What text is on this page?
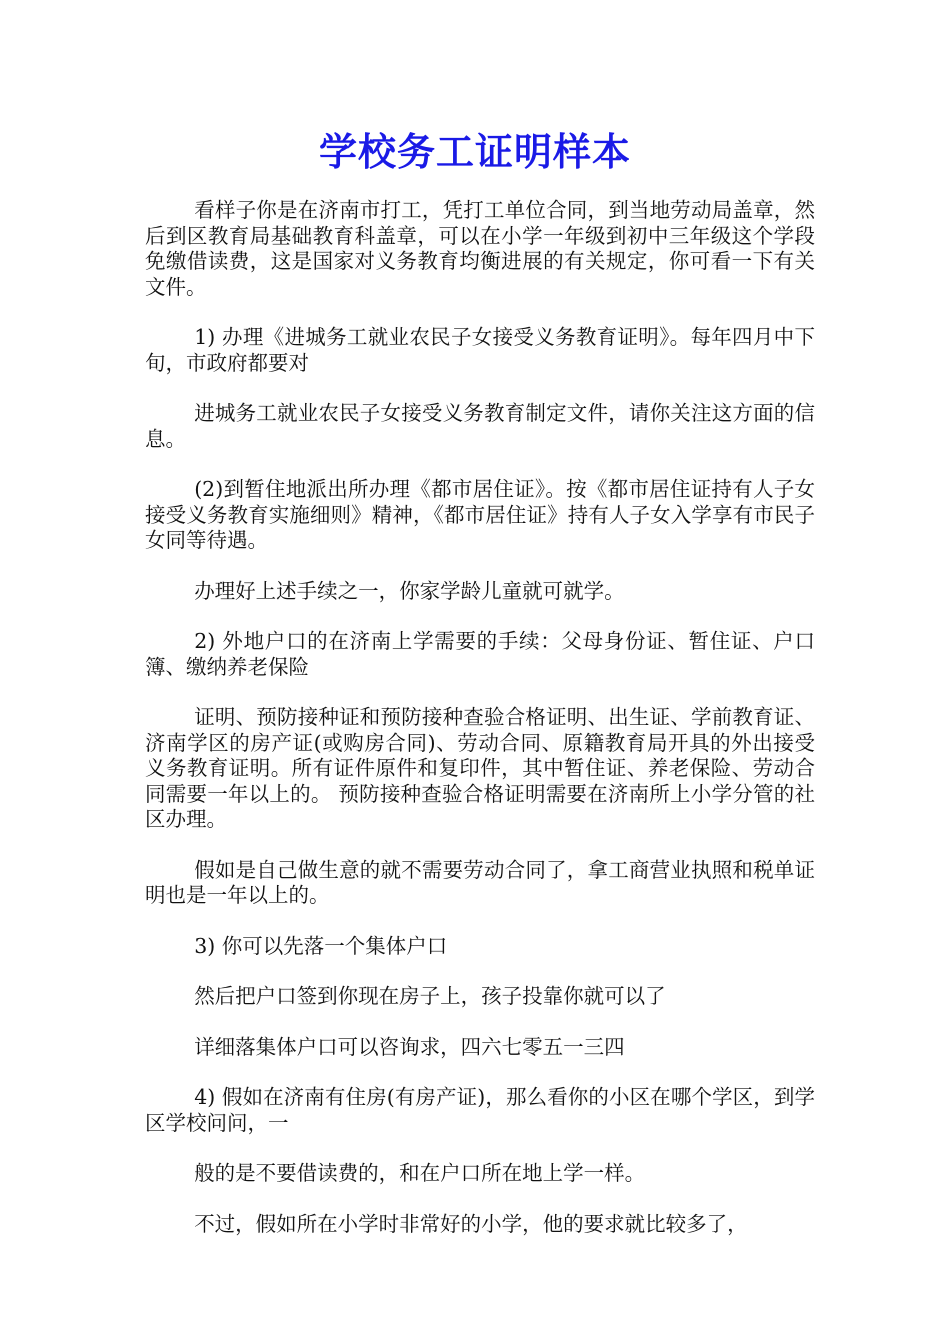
学校务工证明样本

看样子你是在济南市打工，凭打工单位合同，到当地劳动局盖章，然后到区教育局基础教育科盖章，可以在小学一年级到初中三年级这个学段免缴借读费，这是国家对义务教育均衡进展的有关规定，你可看一下有关文件。

1) 办理《进城务工就业农民子女接受义务教育证明》。每年四月中下旬，市政府都要对

进城务工就业农民子女接受义务教育制定文件，请你关注这方面的信息。

(2)到暂住地派出所办理《都市居住证》。按《都市居住证持有人子女接受义务教育实施细则》精神，《都市居住证》持有人子女入学享有市民子女同等待遇。

办理好上述手续之一，你家学龄儿童就可就学。

2) 外地户口的在济南上学需要的手续：父母身份证、暂住证、户口簿、缴纳养老保险

证明、预防接种证和预防接种查验合格证明、出生证、学前教育证、济南学区的房产证(或购房合同)、劳动合同、原籍教育局开具的外出接受义务教育证明。所有证件原件和复印件，其中暂住证、养老保险、劳动合同需要一年以上的。 预防接种查验合格证明需要在济南所上小学分管的社区办理。

假如是自己做生意的就不需要劳动合同了，拿工商营业执照和税单证明也是一年以上的。

3) 你可以先落一个集体户口

然后把户口签到你现在房子上，孩子投靠你就可以了

详细落集体户口可以咨询求，四六七零五一三四

4) 假如在济南有住房(有房产证)，那么看你的小区在哪个学区，到学区学校问问，一

般的是不要借读费的，和在户口所在地上学一样。

不过，假如所在小学时非常好的小学，他的要求就比较多了，
